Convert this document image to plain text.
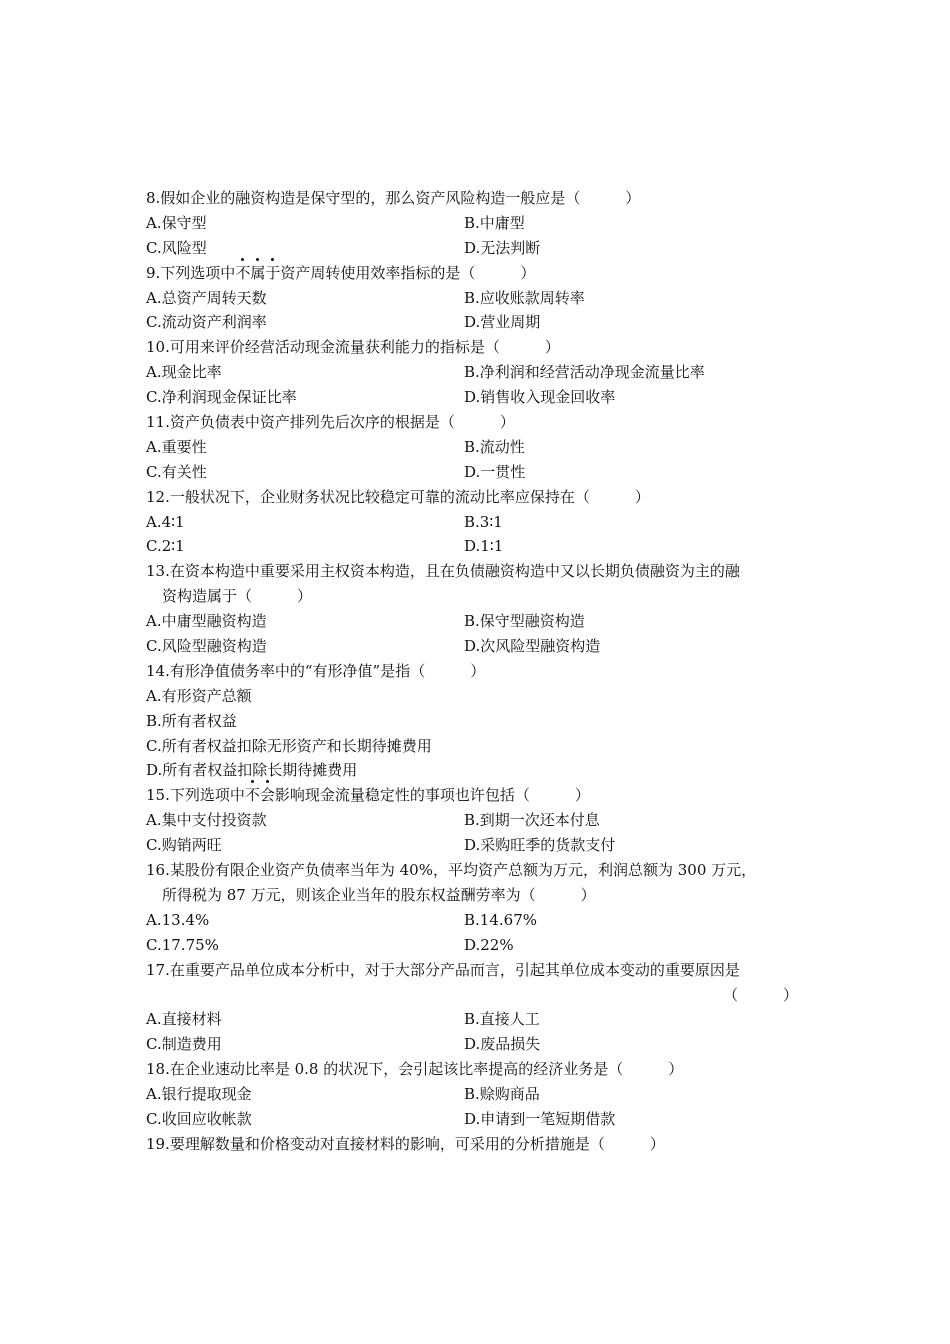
8.假如企业的融资构造是保守型的，那么资产风险构造一般应是（　　　）
A.保守型	B.中庸型
C.风险型	D.无法判断
9.下列选项中不属于
资产周转使用效率指标的是（　　　）
A.总资产周转天数	B.应收账款周转率
C.流动资产利润率	D.营业周期
10.可用来评价经营活动现金流量获利能力的指标是（　　　）
A.现金比率	B.净利润和经营活动净现金流量比率
C.净利润现金保证比率	D.销售收入现金回收率
11.资产负债表中资产排列先后次序的根据是（　　　）
A.重要性	B.流动性
C.有关性	D.一贯性
12.一般状况下，企业财务状况比较稳定可靠的流动比率应保持在（　　　）
A.4∶1	B.3∶1
C.2∶1	D.1∶1
13.在资本构造中重要采用主权资本构造，且在负债融资构造中又以长期负债融资为主的融
资构造属于（　　　）
A.中庸型融资构造	B.保守型融资构造
C.风险型融资构造	D.次风险型融资构造
14.有形净值债务率中的“有形净值”是指（　　　）
A.有形资产总额
B.所有者权益
C.所有者权益扣除无形资产和长期待摊费用
D.所有者权益扣除长期待摊费用
15.下列选项中不会
影响现金流量稳定性的事项也许包括（　　　）
A.集中支付投资款	B.到期一次还本付息
C.购销两旺	D.采购旺季的货款支付
16.某股份有限企业资产负债率当年为 40%，平均资产总额为万元，利润总额为 300 万元，
所得税为 87 万元，则该企业当年的股东权益酬劳率为（　　　）
A.13.4%	B.14.67%
C.17.75%	D.22%
17.在重要产品单位成本分析中，对于大部分产品而言，引起其单位成本变动的重要原因是
（　　　）
A.直接材料	B.直接人工
C.制造费用	D.废品损失
18.在企业速动比率是 0.8 的状况下，会引起该比率提高的经济业务是（　　　）
A.银行提取现金	B.赊购商品
C.收回应收帐款	D.申请到一笔短期借款
19.要理解数量和价格变动对直接材料的影响，可采用的分析措施是（　　　）
